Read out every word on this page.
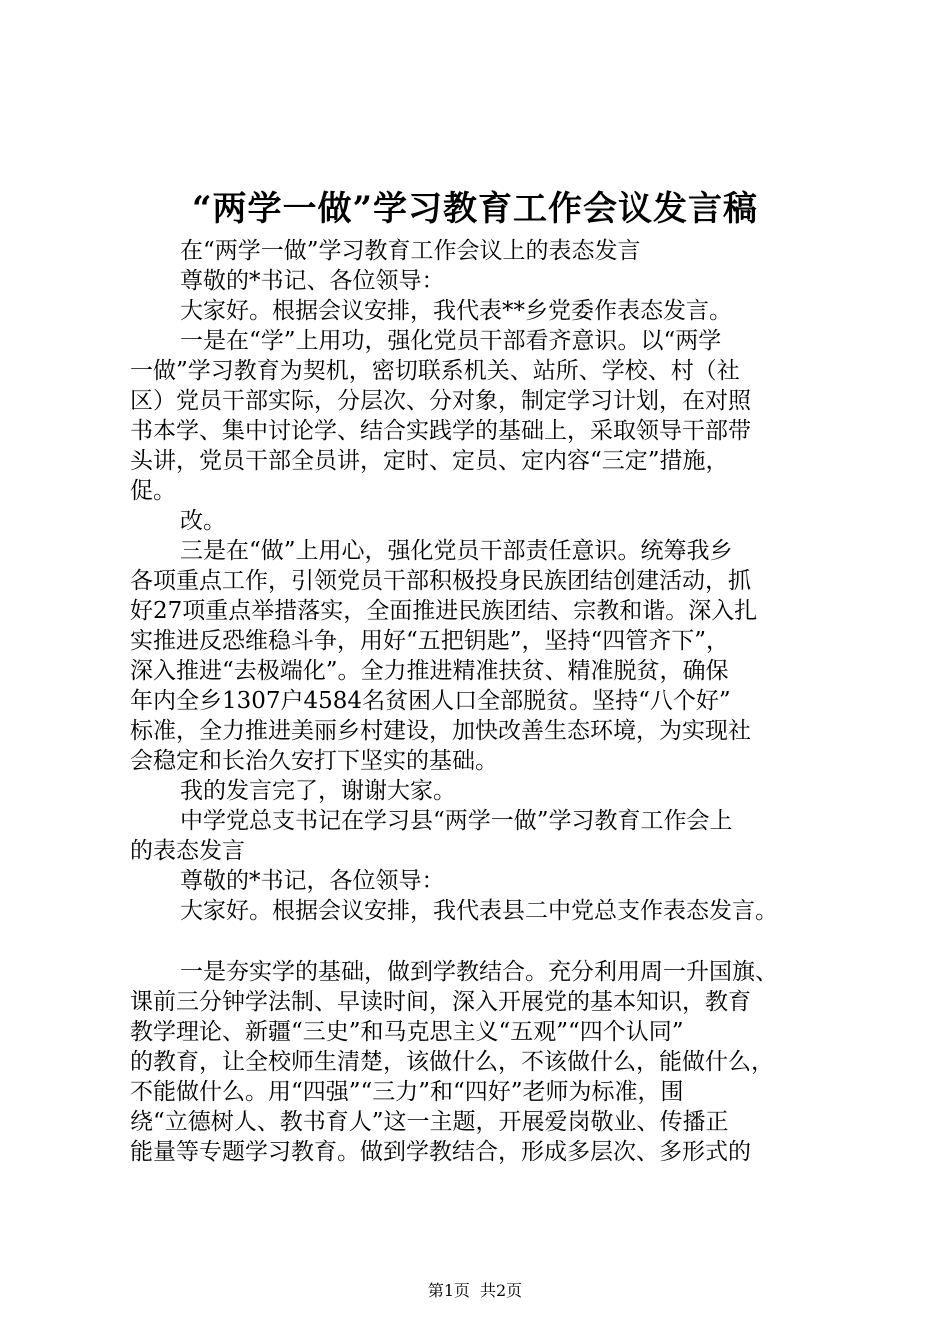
“两学一做”学习教育工作会议发言稿
在“两学一做”学习教育工作会议上的表态发言
尊敬的*书记、各位领导：
大家好。根据会议安排，我代表**乡党委作表态发言。
一是在“学”上用功，强化党员干部看齐意识。以“两学
一做”学习教育为契机，密切联系机关、站所、学校、村（社
区）党员干部实际，分层次、分对象，制定学习计划，在对照
书本学、集中讨论学、结合实践学的基础上，采取领导干部带
头讲，党员干部全员讲，定时、定员、定内容“三定”措施，
促。
改。
三是在“做”上用心，强化党员干部责任意识。统筹我乡
各项重点工作，引领党员干部积极投身民族团结创建活动，抓
好27项重点举措落实，全面推进民族团结、宗教和谐。深入扎
实推进反恐维稳斗争，用好“五把钥匙”，坚持“四管齐下”，
深入推进“去极端化”。全力推进精准扶贫、精准脱贫，确保
年内全乡1307户4584名贫困人口全部脱贫。坚持“八个好”
标准，全力推进美丽乡村建设，加快改善生态环境，为实现社
会稳定和长治久安打下坚实的基础。
我的发言完了，谢谢大家。
中学党总支书记在学习县“两学一做”学习教育工作会上
的表态发言
尊敬的*书记，各位领导：
大家好。根据会议安排，我代表县二中党总支作表态发言。
一是夯实学的基础，做到学教结合。充分利用周一升国旗、
课前三分钟学法制、早读时间，深入开展党的基本知识，教育
教学理论、新疆“三史”和马克思主义“五观”“四个认同”
的教育，让全校师生清楚，该做什么，不该做什么，能做什么，
不能做什么。用“四强”“三力”和“四好”老师为标准，围
绕“立德树人、教书育人”这一主题，开展爱岗敬业、传播正
能量等专题学习教育。做到学教结合，形成多层次、多形式的
第1页 共2页
